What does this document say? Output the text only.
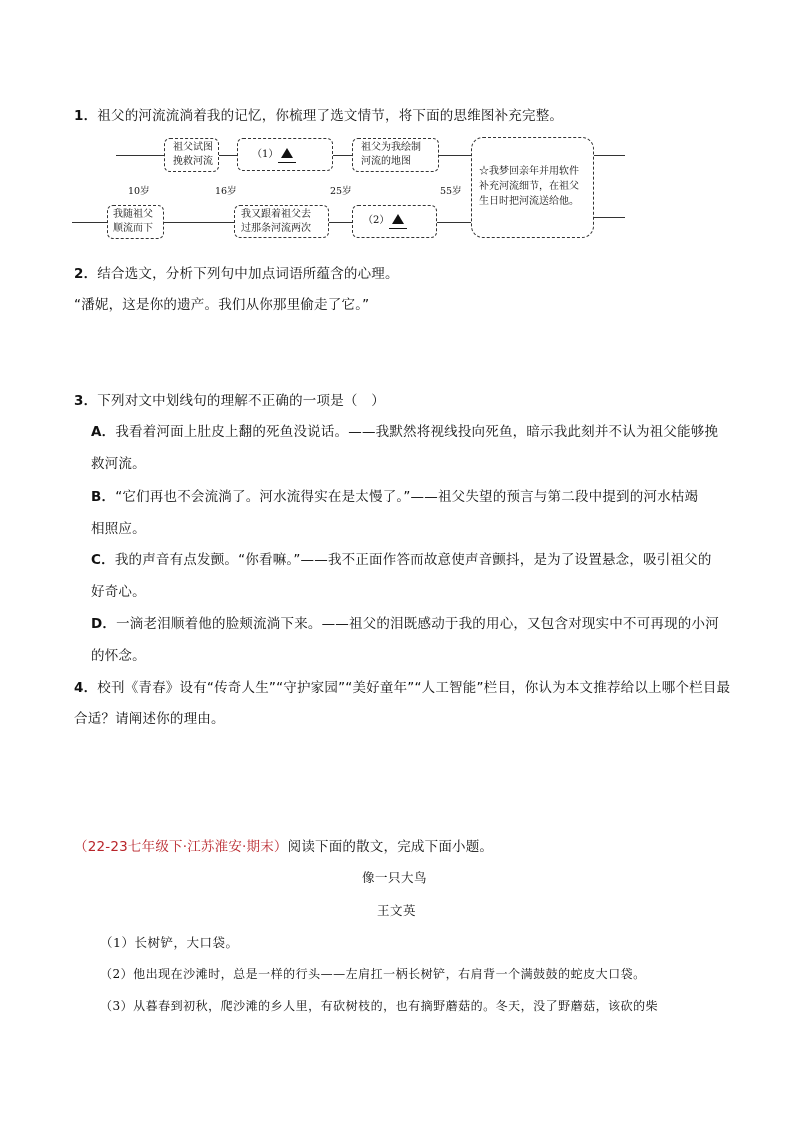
1．祖父的河流流淌着我的记忆，你梳理了选文情节，将下面的思维图补充完整。
祖父试图
挽救河流
（1）
祖父为我绘制
河流的地图
☆我梦回亲年并用软件
补充河流细节，在祖父
生日时把河流送给他。
10岁	16岁	25岁	55岁
我随祖父
顺流而下
我又跟着祖父去
过那条河流两次
（2）
2．结合选文，分析下列句中加点词语所蕴含的心理。
“潘妮，这是你的遗产。我们从你那里偷走了它。”
3．下列对文中划线句的理解不正确的一项是（　）
A．我看着河面上肚皮上翻的死鱼没说话。——我默然将视线投向死鱼，暗示我此刻并不认为祖父能够挽
救河流。
B．“它们再也不会流淌了。河水流得实在是太慢了。”——祖父失望的预言与第二段中提到的河水枯竭
相照应。
C．我的声音有点发颤。“你看嘛。”——我不正面作答而故意使声音颤抖，是为了设置悬念，吸引祖父的
好奇心。
D．一滴老泪顺着他的脸颊流淌下来。——祖父的泪既感动于我的用心，又包含对现实中不可再现的小河
的怀念。
4．校刊《青春》设有“传奇人生”“守护家园”“美好童年”“人工智能”栏目，你认为本文推荐给以上哪个栏目最
合适？请阐述你的理由。
（22-23七年级下·江苏淮安·期末）阅读下面的散文，完成下面小题。
像一只大鸟
王文英
（1）长树铲，大口袋。
（2）他出现在沙滩时，总是一样的行头——左肩扛一柄长树铲，右肩背一个满鼓鼓的蛇皮大口袋。
（3）从暮春到初秋，爬沙滩的乡人里，有砍树枝的，也有摘野蘑菇的。冬天，没了野蘑菇，该砍的柴
